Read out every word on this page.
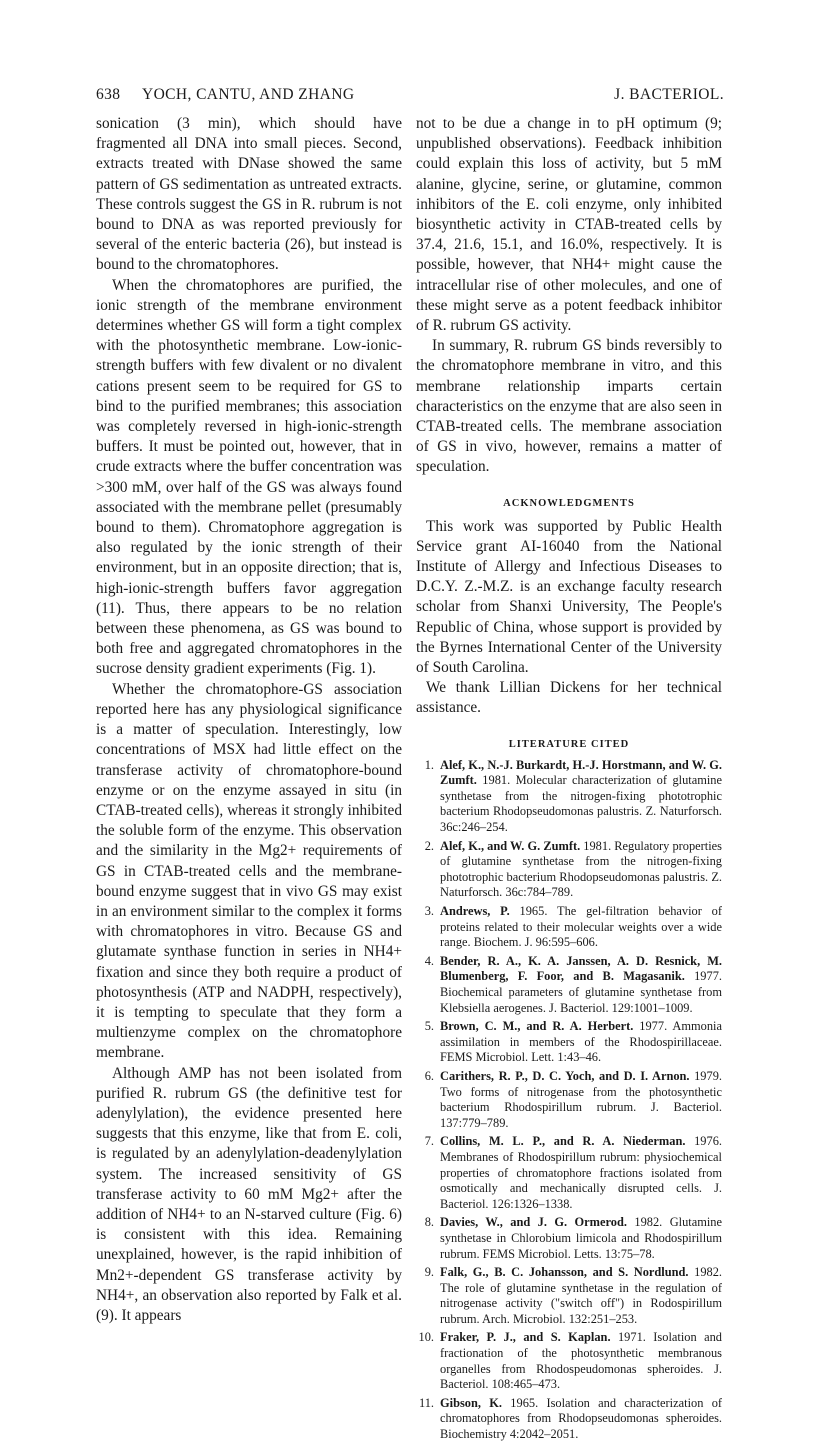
638 YOCH, CANTU, AND ZHANG	J. BACTERIOL.

sonication (3 min), which should have fragmented all DNA into small pieces. Second, extracts treated with DNase showed the same pattern of GS sedimentation as untreated extracts. These controls suggest the GS in R. rubrum is not bound to DNA as was reported previously for several of the enteric bacteria (26), but instead is bound to the chromatophores.

When the chromatophores are purified, the ionic strength of the membrane environment determines whether GS will form a tight complex with the photosynthetic membrane. Low-ionic-strength buffers with few divalent or no divalent cations present seem to be required for GS to bind to the purified membranes; this association was completely reversed in high-ionic-strength buffers. It must be pointed out, however, that in crude extracts where the buffer concentration was >300 mM, over half of the GS was always found associated with the membrane pellet (presumably bound to them). Chromatophore aggregation is also regulated by the ionic strength of their environment, but in an opposite direction; that is, high-ionic-strength buffers favor aggregation (11). Thus, there appears to be no relation between these phenomena, as GS was bound to both free and aggregated chromatophores in the sucrose density gradient experiments (Fig. 1).

Whether the chromatophore-GS association reported here has any physiological significance is a matter of speculation. Interestingly, low concentrations of MSX had little effect on the transferase activity of chromatophore-bound enzyme or on the enzyme assayed in situ (in CTAB-treated cells), whereas it strongly inhibited the soluble form of the enzyme. This observation and the similarity in the Mg2+ requirements of GS in CTAB-treated cells and the membrane-bound enzyme suggest that in vivo GS may exist in an environment similar to the complex it forms with chromatophores in vitro. Because GS and glutamate synthase function in series in NH4+ fixation and since they both require a product of photosynthesis (ATP and NADPH, respectively), it is tempting to speculate that they form a multienzyme complex on the chromatophore membrane.

Although AMP has not been isolated from purified R. rubrum GS (the definitive test for adenylylation), the evidence presented here suggests that this enzyme, like that from E. coli, is regulated by an adenylylation-deadenylylation system. The increased sensitivity of GS transferase activity to 60 mM Mg2+ after the addition of NH4+ to an N-starved culture (Fig. 6) is consistent with this idea. Remaining unexplained, however, is the rapid inhibition of Mn2+-dependent GS transferase activity by NH4+, an observation also reported by Falk et al. (9). It appears

not to be due a change in to pH optimum (9; unpublished observations). Feedback inhibition could explain this loss of activity, but 5 mM alanine, glycine, serine, or glutamine, common inhibitors of the E. coli enzyme, only inhibited biosynthetic activity in CTAB-treated cells by 37.4, 21.6, 15.1, and 16.0%, respectively. It is possible, however, that NH4+ might cause the intracellular rise of other molecules, and one of these might serve as a potent feedback inhibitor of R. rubrum GS activity.

In summary, R. rubrum GS binds reversibly to the chromatophore membrane in vitro, and this membrane relationship imparts certain characteristics on the enzyme that are also seen in CTAB-treated cells. The membrane association of GS in vivo, however, remains a matter of speculation.

ACKNOWLEDGMENTS

This work was supported by Public Health Service grant AI-16040 from the National Institute of Allergy and Infectious Diseases to D.C.Y. Z.-M.Z. is an exchange faculty research scholar from Shanxi University, The People's Republic of China, whose support is provided by the Byrnes International Center of the University of South Carolina.

We thank Lillian Dickens for her technical assistance.

LITERATURE CITED
1. Alef, K., N.-J. Burkardt, H.-J. Horstmann, and W. G. Zumft. 1981. Molecular characterization of glutamine synthetase from the nitrogen-fixing phototrophic bacterium Rhodopseudomonas palustris. Z. Naturforsch. 36c:246–254.
2. Alef, K., and W. G. Zumft. 1981. Regulatory properties of glutamine synthetase from the nitrogen-fixing phototrophic bacterium Rhodopseudomonas palustris. Z. Naturforsch. 36c:784–789.
3. Andrews, P. 1965. The gel-filtration behavior of proteins related to their molecular weights over a wide range. Biochem. J. 96:595–606.
4. Bender, R. A., K. A. Janssen, A. D. Resnick, M. Blumenberg, F. Foor, and B. Magasanik. 1977. Biochemical parameters of glutamine synthetase from Klebsiella aerogenes. J. Bacteriol. 129:1001–1009.
5. Brown, C. M., and R. A. Herbert. 1977. Ammonia assimilation in members of the Rhodospirillaceae. FEMS Microbiol. Lett. 1:43–46.
6. Carithers, R. P., D. C. Yoch, and D. I. Arnon. 1979. Two forms of nitrogenase from the photosynthetic bacterium Rhodospirillum rubrum. J. Bacteriol. 137:779–789.
7. Collins, M. L. P., and R. A. Niederman. 1976. Membranes of Rhodospirillum rubrum: physiochemical properties of chromatophore fractions isolated from osmotically and mechanically disrupted cells. J. Bacteriol. 126:1326–1338.
8. Davies, W., and J. G. Ormerod. 1982. Glutamine synthetase in Chlorobium limicola and Rhodospirillum rubrum. FEMS Microbiol. Letts. 13:75–78.
9. Falk, G., B. C. Johansson, and S. Nordlund. 1982. The role of glutamine synthetase in the regulation of nitrogenase activity ("switch off") in Rodospirillum rubrum. Arch. Microbiol. 132:251–253.
10. Fraker, P. J., and S. Kaplan. 1971. Isolation and fractionation of the photosynthetic membranous organelles from Rhodospeudomonas spheroides. J. Bacteriol. 108:465–473.
11. Gibson, K. 1965. Isolation and characterization of chromatophores from Rhodopseudomonas spheroides. Biochemistry 4:2042–2051.
